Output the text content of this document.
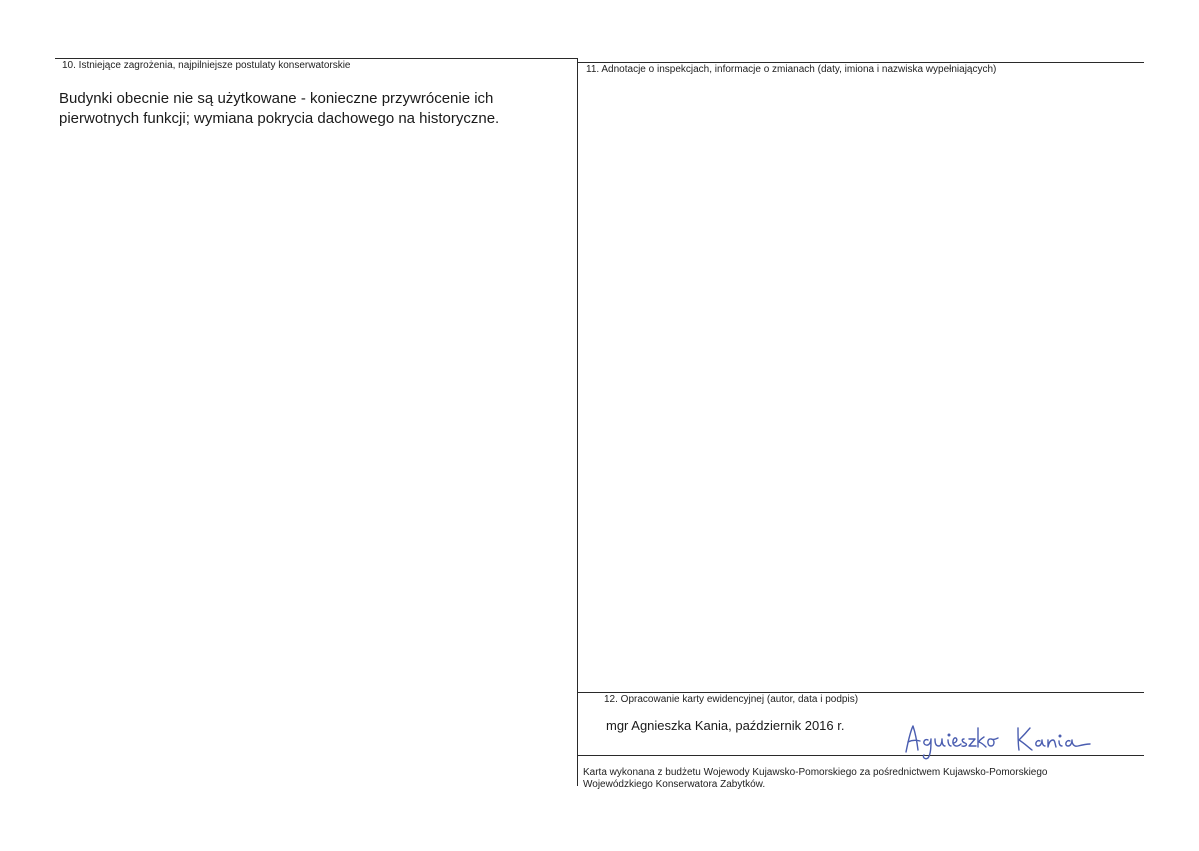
10. Istniejące zagrożenia, najpilniejsze postulaty konserwatorskie
Budynki obecnie nie są użytkowane - konieczne przywrócenie ich
pierwotnych funkcji; wymiana pokrycia dachowego na historyczne.
11. Adnotacje o inspekcjach, informacje o zmianach (daty, imiona i nazwiska wypełniających)
12. Opracowanie karty ewidencyjnej (autor, data i podpis)
mgr Agnieszka Kania, październik 2016 r.
Karta wykonana z budżetu Wojewody Kujawsko-Pomorskiego za pośrednictwem Kujawsko-Pomorskiego
Wojewódzkiego Konserwatora Zabytków.
